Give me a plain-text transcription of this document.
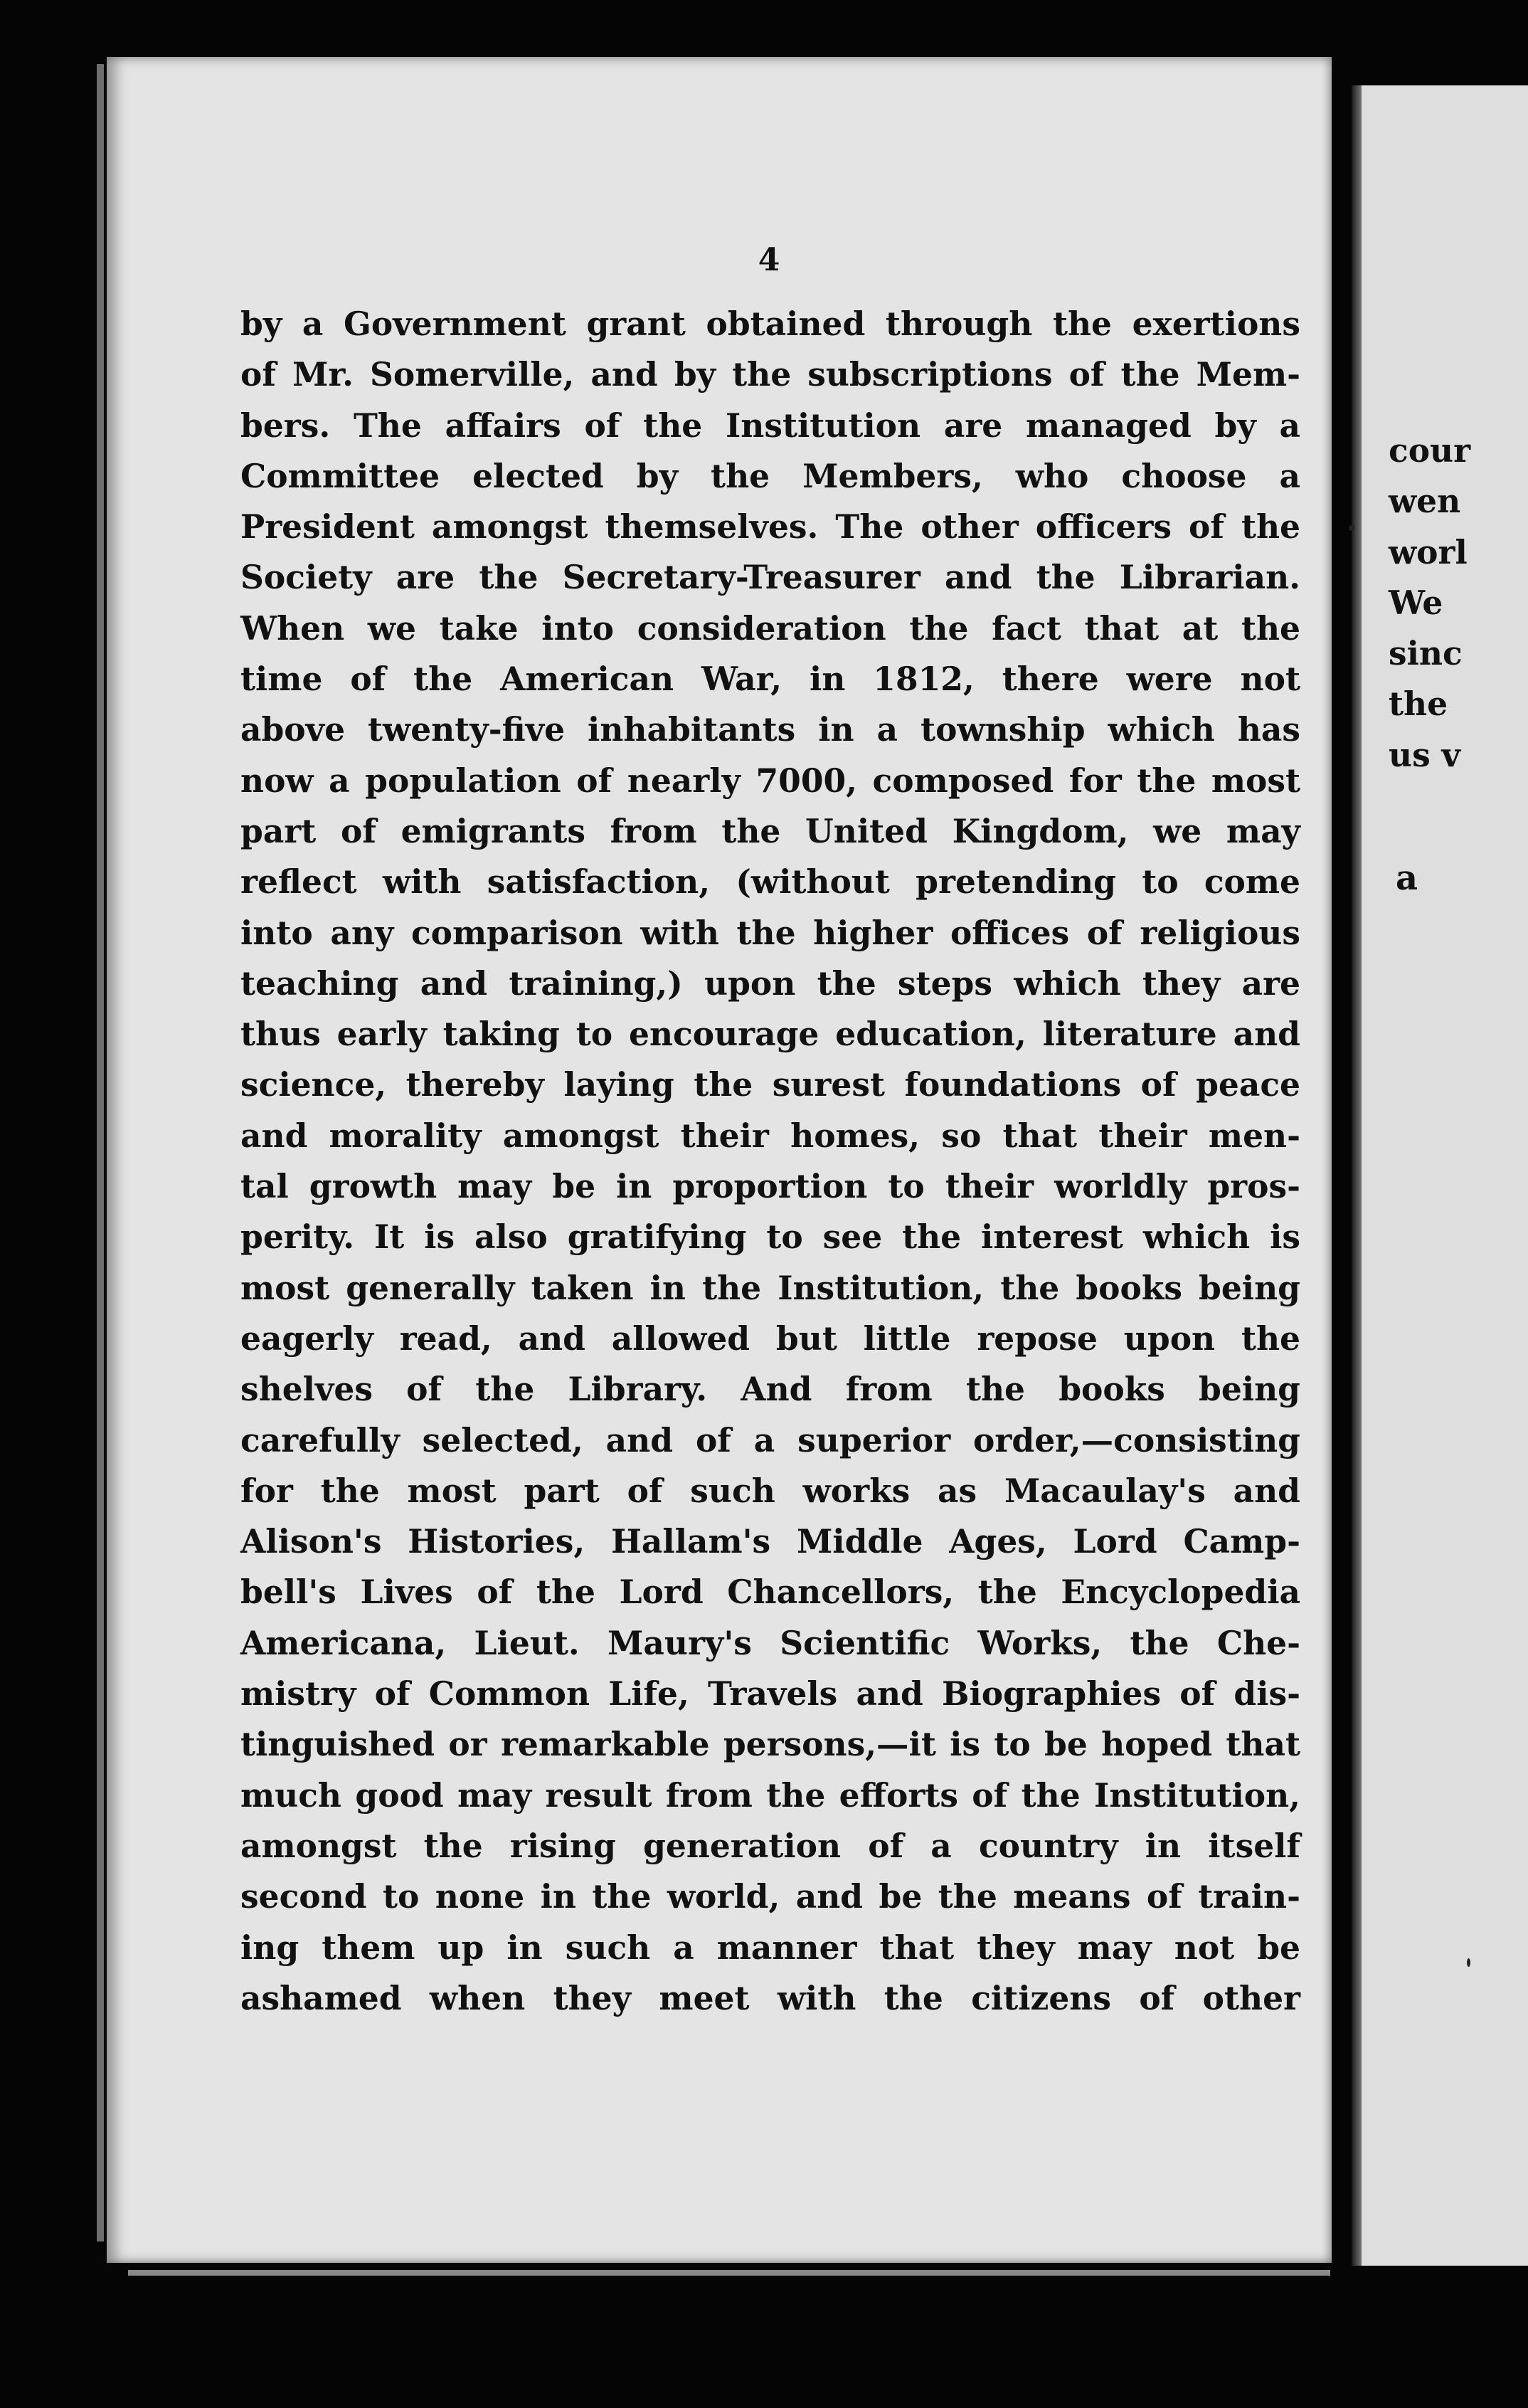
4
by a Government grant obtained through the exertions
of Mr. Somerville, and by the subscriptions of the Mem-
bers. The affairs of the Institution are managed by a
Committee elected by the Members, who choose a
President amongst themselves. The other officers of the
Society are the Secretary-Treasurer and the Librarian.
When we take into consideration the fact that at the
time of the American War, in 1812, there were not
above twenty-five inhabitants in a township which has
now a population of nearly 7000, composed for the most
part of emigrants from the United Kingdom, we may
reflect with satisfaction, (without pretending to come
into any comparison with the higher offices of religious
teaching and training,) upon the steps which they are
thus early taking to encourage education, literature and
science, thereby laying the surest foundations of peace
and morality amongst their homes, so that their men-
tal growth may be in proportion to their worldly pros-
perity. It is also gratifying to see the interest which is
most generally taken in the Institution, the books being
eagerly read, and allowed but little repose upon the
shelves of the Library. And from the books being
carefully selected, and of a superior order,—consisting
for the most part of such works as Macaulay's and
Alison's Histories, Hallam's Middle Ages, Lord Camp-
bell's Lives of the Lord Chancellors, the Encyclopedia
Americana, Lieut. Maury's Scientific Works, the Che-
mistry of Common Life, Travels and Biographies of dis-
tinguished or remarkable persons,—it is to be hoped that
much good may result from the efforts of the Institution,
amongst the rising generation of a country in itself
second to none in the world, and be the means of train-
ing them up in such a manner that they may not be
ashamed when they meet with the citizens of other
cour
wen
worl
We
sinc
the
us v
a
